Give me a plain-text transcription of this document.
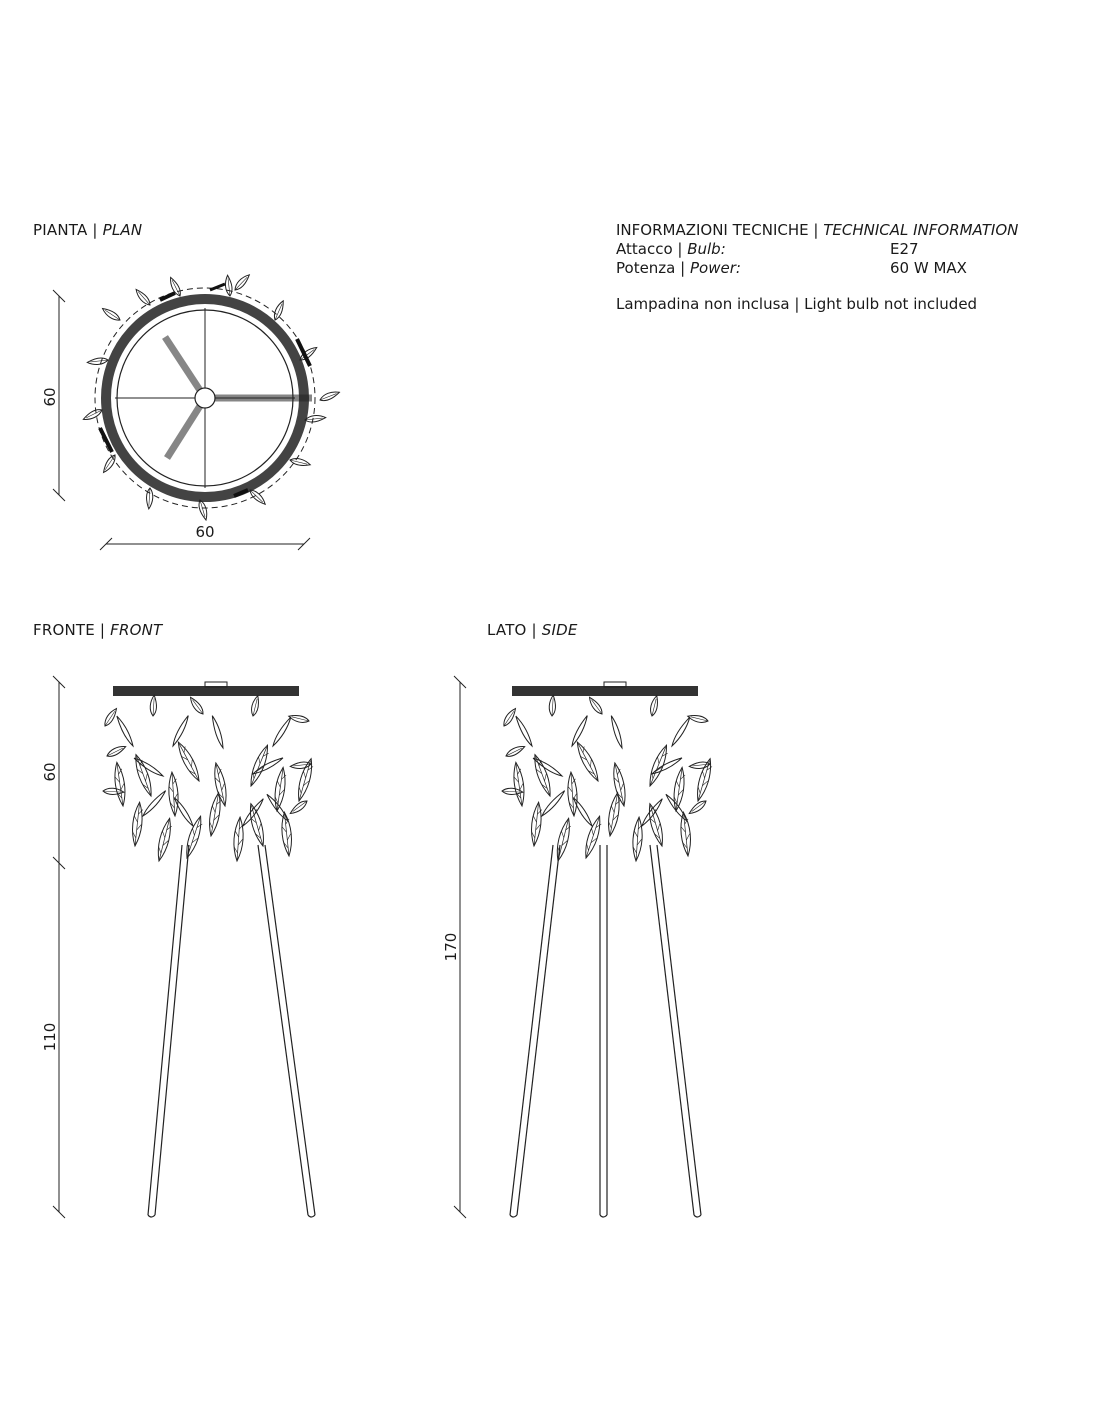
PIANTA | PLAN
FRONTE | FRONT	LATO | SIDE
INFORMAZIONI TECNICHE | TECHNICAL INFORMATION
Attacco | Bulb:	E27
Potenza | Power:	60 W MAX
Lampadina non inclusa | Light bulb not included
60
60
60
110
170
